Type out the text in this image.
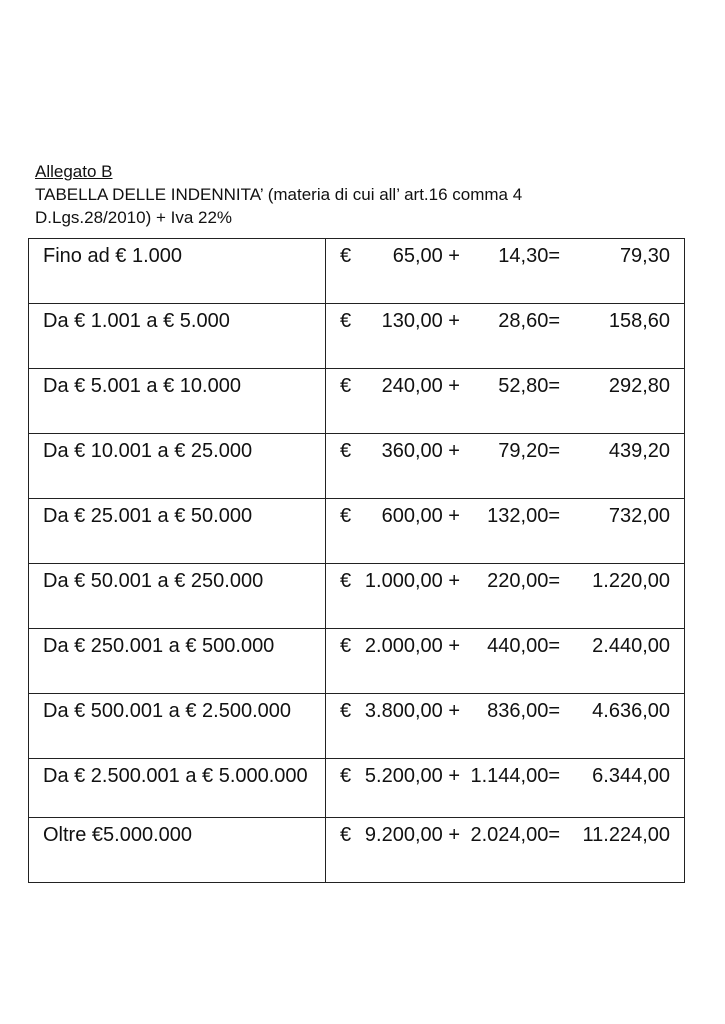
Allegato B
TABELLA DELLE INDENNITA’ (materia di cui all’ art.16 comma 4
D.Lgs.28/2010) + Iva 22%
Fino ad € 1.000	€ 65,00 + 14,30= 79,30

Da € 1.001 a € 5.000	€ 130,00 + 28,60= 158,60

Da € 5.001 a € 10.000	€ 240,00 + 52,80= 292,80

Da € 10.001 a € 25.000	€ 360,00 + 79,20= 439,20

Da € 25.001 a € 50.000	€ 600,00 + 132,00= 732,00

Da € 50.001 a € 250.000	€ 1.000,00 + 220,00= 1.220,00

Da € 250.001 a € 500.000	€ 2.000,00 + 440,00= 2.440,00

Da € 500.001 a € 2.500.000	€ 3.800,00 + 836,00= 4.636,00

Da € 2.500.001 a € 5.000.000	€ 5.200,00 + 1.144,00= 6.344,00

Oltre €5.000.000	€ 9.200,00 + 2.024,00= 11.224,00
